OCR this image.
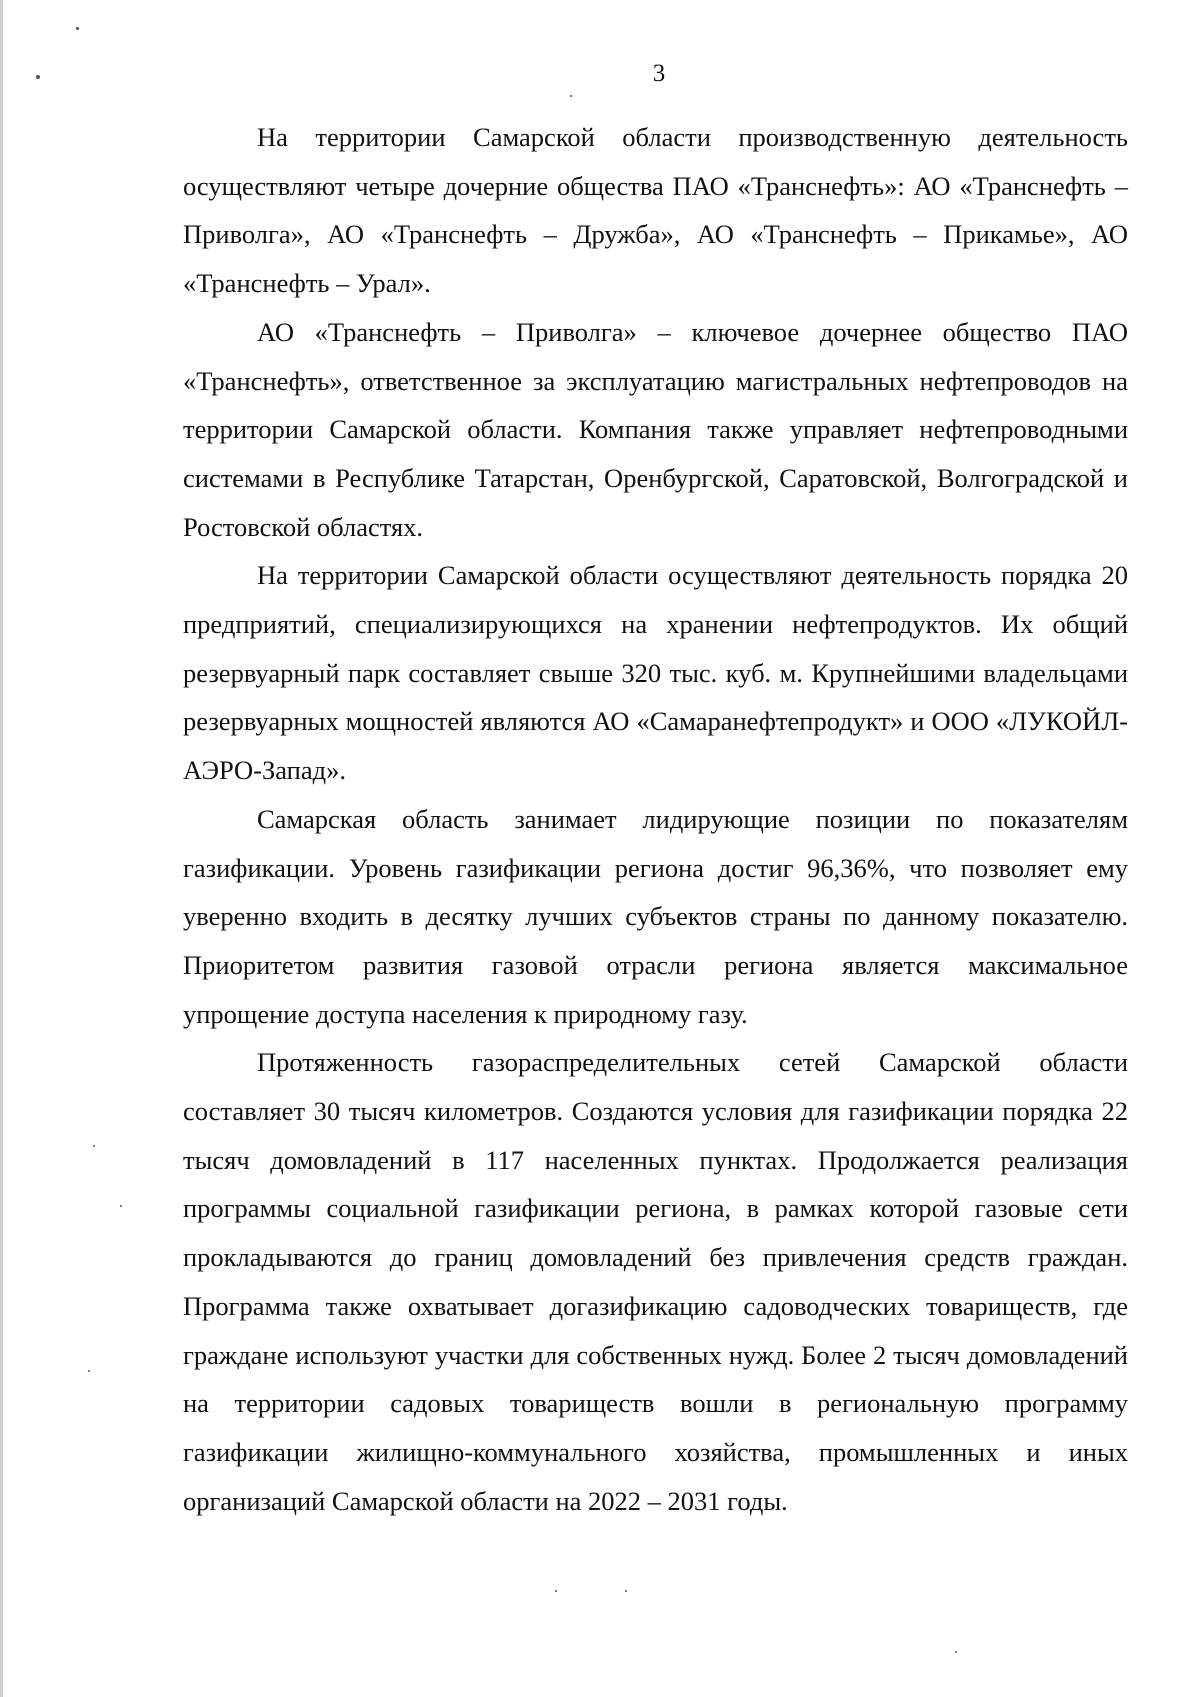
3

На территории Самарской области производственную деятельность осуществляют четыре дочерние общества ПАО «Транснефть»: АО «Транснефть – Приволга», АО «Транснефть – Дружба», АО «Транснефть – Прикамье», АО «Транснефть – Урал».

АО «Транснефть – Приволга» – ключевое дочернее общество ПАО «Транснефть», ответственное за эксплуатацию магистральных нефтепроводов на территории Самарской области. Компания также управляет нефтепроводными системами в Республике Татарстан, Оренбургской, Саратовской, Волгоградской и Ростовской областях.

На территории Самарской области осуществляют деятельность порядка 20 предприятий, специализирующихся на хранении нефтепродуктов. Их общий резервуарный парк составляет свыше 320 тыс. куб. м. Крупнейшими владельцами резервуарных мощностей являются АО «Самаранефтепродукт» и ООО «ЛУКОЙЛ-АЭРО-Запад».

Самарская область занимает лидирующие позиции по показателям газификации. Уровень газификации региона достиг 96,36%, что позволяет ему уверенно входить в десятку лучших субъектов страны по данному показателю. Приоритетом развития газовой отрасли региона является максимальное упрощение доступа населения к природному газу.

Протяженность газораспределительных сетей Самарской области составляет 30 тысяч километров. Создаются условия для газификации порядка 22 тысяч домовладений в 117 населенных пунктах. Продолжается реализация программы социальной газификации региона, в рамках которой газовые сети прокладываются до границ домовладений без привлечения средств граждан. Программа также охватывает догазификацию садоводческих товариществ, где граждане используют участки для собственных нужд. Более 2 тысяч домовладений на территории садовых товариществ вошли в региональную программу газификации жилищно-коммунального хозяйства, промышленных и иных организаций Самарской области на 2022 – 2031 годы.
